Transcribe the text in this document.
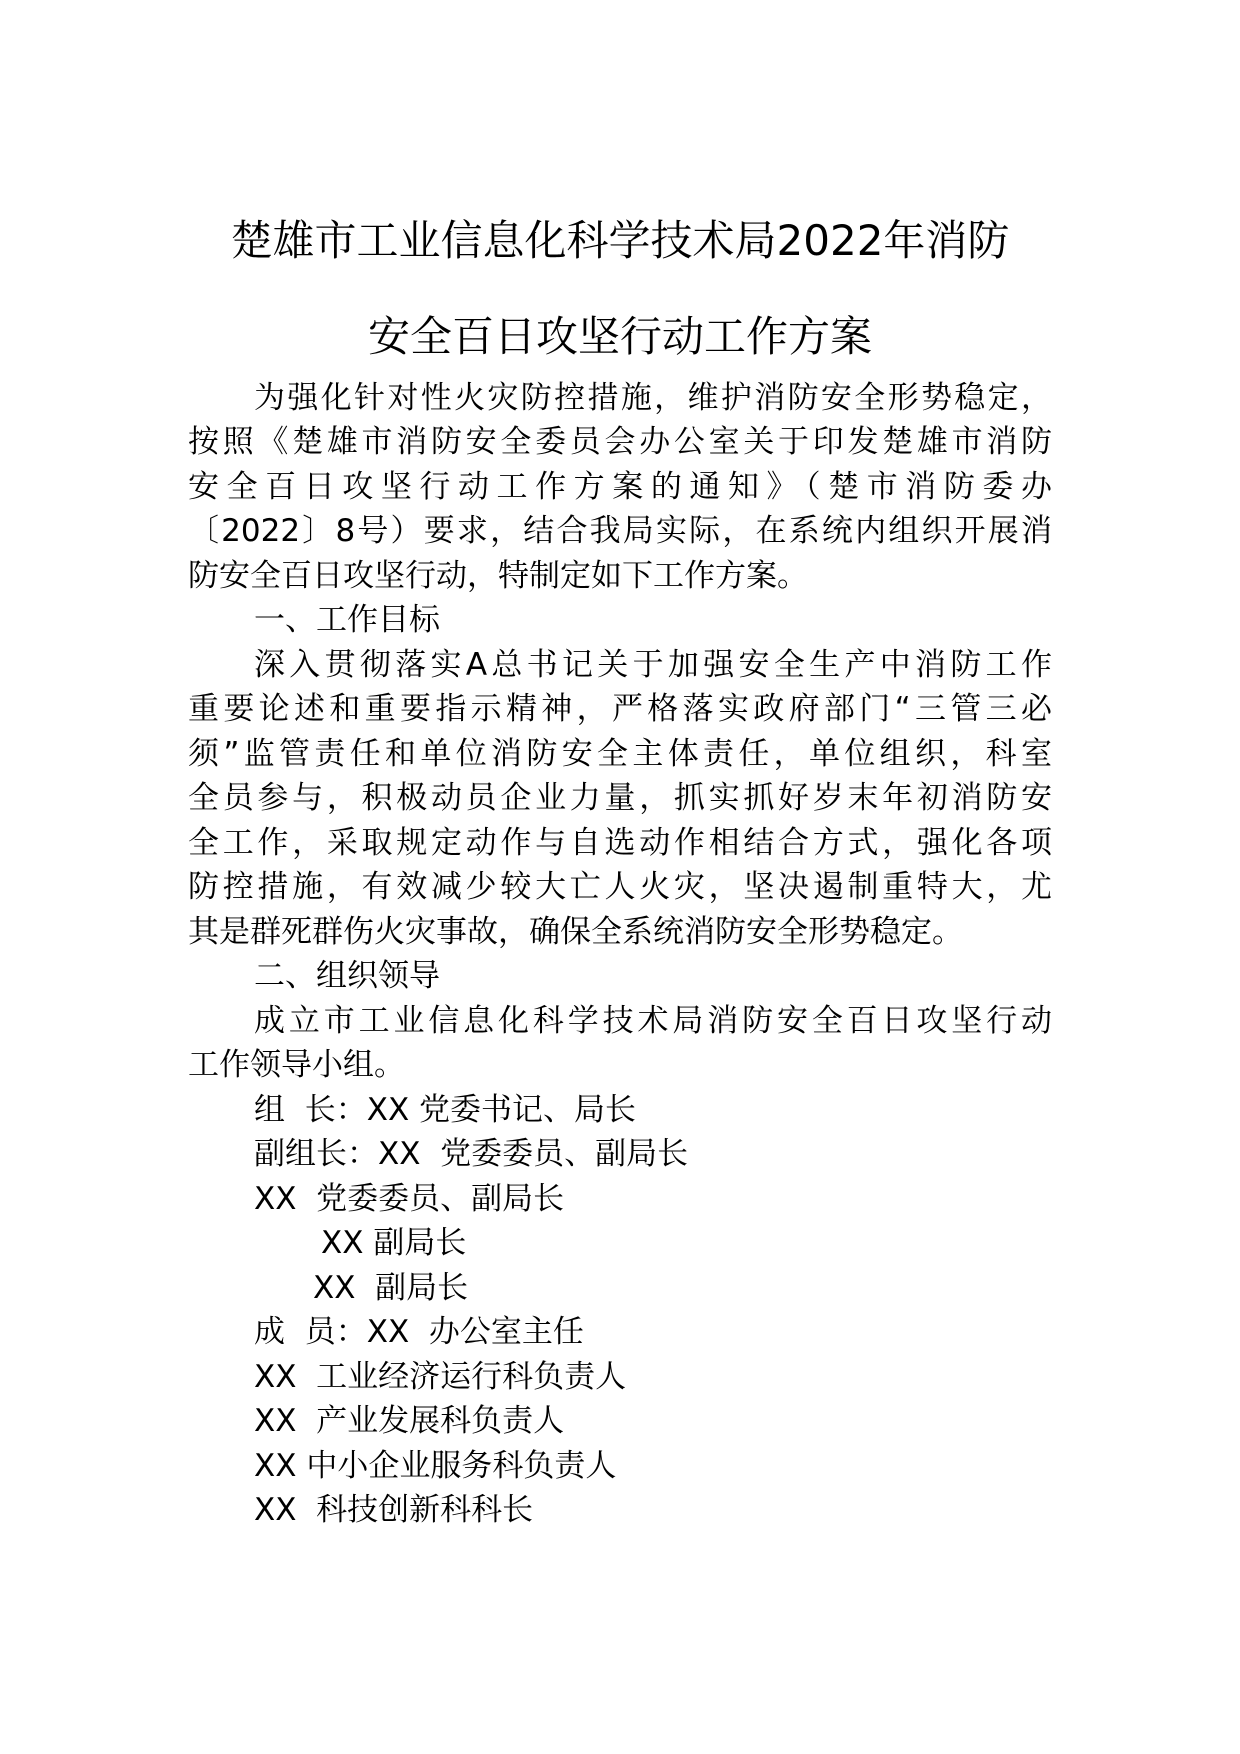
楚雄市工业信息化科学技术局2022年消防
安全百日攻坚行动工作方案
为强化针对性火灾防控措施，维护消防安全形势稳定，
按照《楚雄市消防安全委员会办公室关于印发楚雄市消防
安全百日攻坚行动工作方案的通知》（楚市消防委办
〔2022〕8号）要求，结合我局实际，在系统内组织开展消
防安全百日攻坚行动，特制定如下工作方案。
一、工作目标
深入贯彻落实A总书记关于加强安全生产中消防工作
重要论述和重要指示精神，严格落实政府部门“三管三必
须”监管责任和单位消防安全主体责任，单位组织，科室
全员参与，积极动员企业力量，抓实抓好岁末年初消防安
全工作，采取规定动作与自选动作相结合方式，强化各项
防控措施，有效减少较大亡人火灾，坚决遏制重特大，尤
其是群死群伤火灾事故，确保全系统消防安全形势稳定。
二、组织领导
成立市工业信息化科学技术局消防安全百日攻坚行动
工作领导小组。
组  长：XX 党委书记、局长
副组长：XX  党委委员、副局长
XX  党委委员、副局长
XX 副局长
XX  副局长
成  员：XX  办公室主任
XX  工业经济运行科负责人
XX  产业发展科负责人
XX 中小企业服务科负责人
XX  科技创新科科长
